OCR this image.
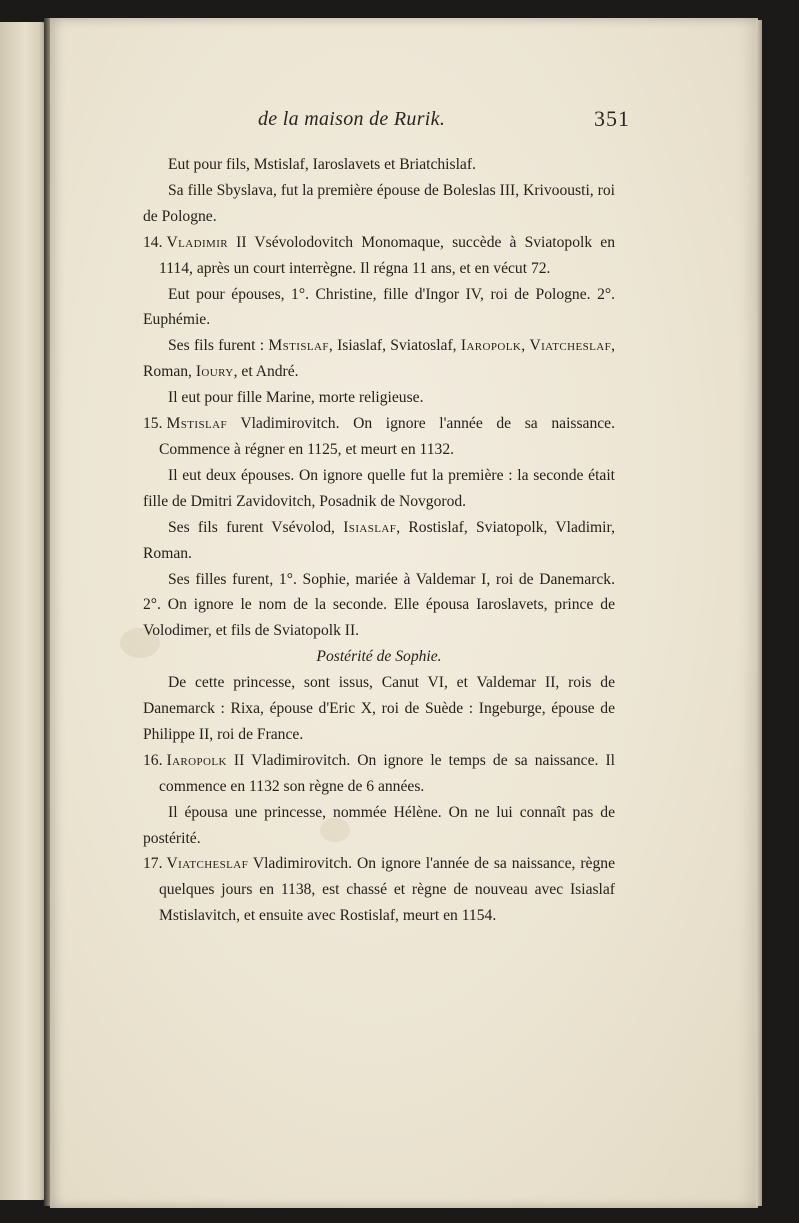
de la maison de Rurik.	351

Eut pour fils, Mstislaf, Iaroslavets et Briatchislaf.

Sa fille Sbyslava, fut la première épouse de Boleslas III, Krivoousti, roi de Pologne.

14. Vladimir II Vsévolodovitch Monomaque, succède à Sviatopolk en 1114, après un court interrègne. Il régna 11 ans, et en vécut 72.

Eut pour épouses, 1°. Christine, fille d'Ingor IV, roi de Pologne. 2°. Euphémie.

Ses fils furent : Mstislaf, Isiaslaf, Sviatoslaf, Iaropolk, Viatcheslaf, Roman, Ioury, et André.

Il eut pour fille Marine, morte religieuse.

15. Mstislaf Vladimirovitch. On ignore l'année de sa naissance. Commence à régner en 1125, et meurt en 1132.

Il eut deux épouses. On ignore quelle fut la première : la seconde était fille de Dmitri Zavidovitch, Posadnik de Novgorod.

Ses fils furent Vsévolod, Isiaslaf, Rostislaf, Sviatopolk, Vladimir, Roman.

Ses filles furent, 1°. Sophie, mariée à Valdemar I, roi de Danemarck. 2°. On ignore le nom de la seconde. Elle épousa Iaroslavets, prince de Volodimer, et fils de Sviatopolk II.

Postérité de Sophie.

De cette princesse, sont issus, Canut VI, et Valdemar II, rois de Danemarck : Rixa, épouse d'Eric X, roi de Suède : Ingeburge, épouse de Philippe II, roi de France.

16. Iaropolk II Vladimirovitch. On ignore le temps de sa naissance. Il commence en 1132 son règne de 6 années.

Il épousa une princesse, nommée Hélène. On ne lui connaît pas de postérité.

17. Viatcheslaf Vladimirovitch. On ignore l'année de sa naissance, règne quelques jours en 1138, est chassé et règne de nouveau avec Isiaslaf Mstislavitch, et ensuite avec Rostislaf, meurt en 1154.
